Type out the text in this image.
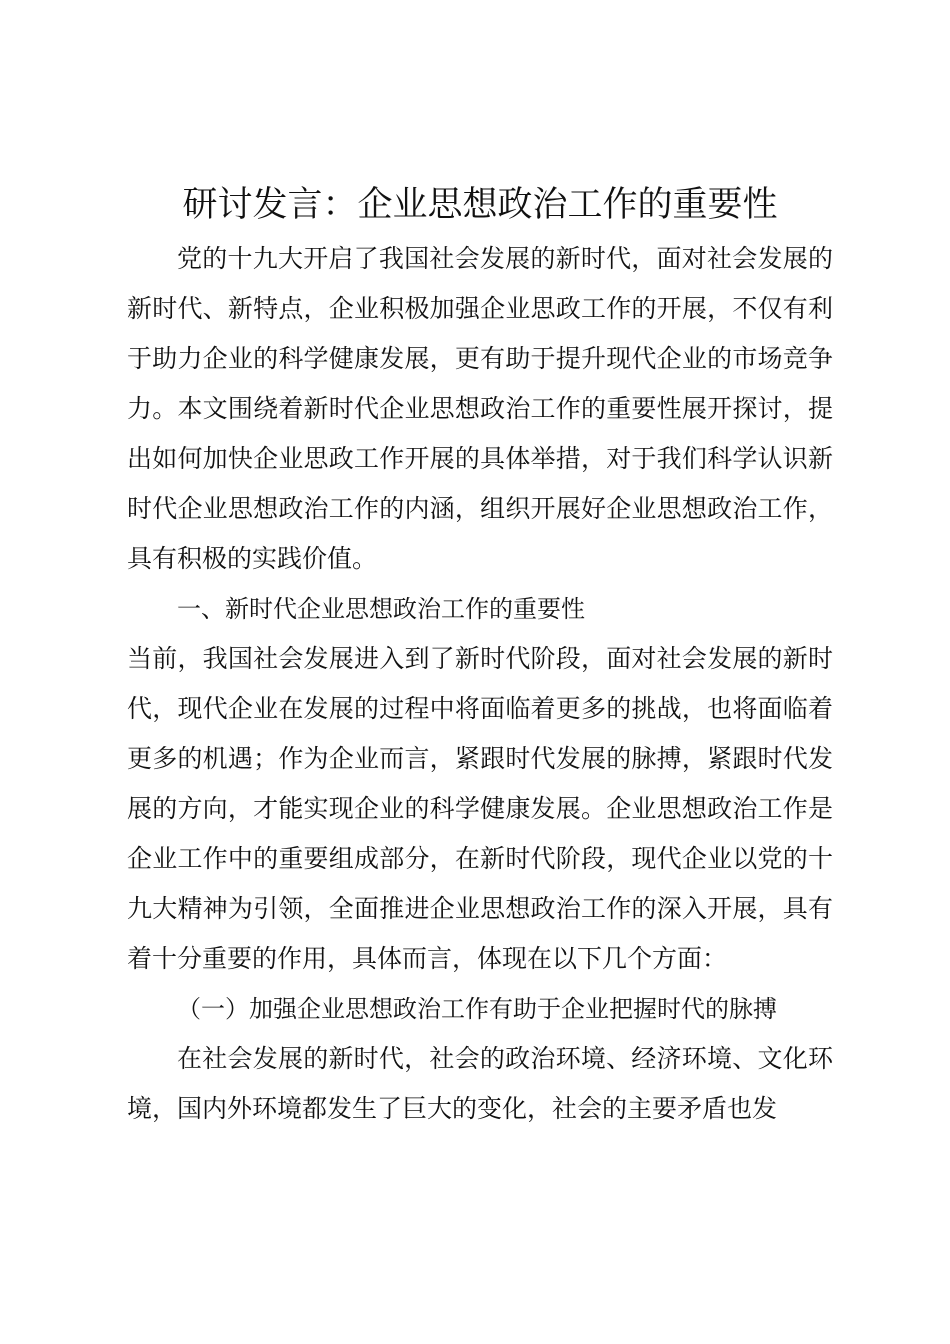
研讨发言：企业思想政治工作的重要性

党的十九大开启了我国社会发展的新时代，面对社会发展的新时代、新特点，企业积极加强企业思政工作的开展，不仅有利于助力企业的科学健康发展，更有助于提升现代企业的市场竞争力。本文围绕着新时代企业思想政治工作的重要性展开探讨，提出如何加快企业思政工作开展的具体举措，对于我们科学认识新时代企业思想政治工作的内涵，组织开展好企业思想政治工作，具有积极的实践价值。

一、新时代企业思想政治工作的重要性

当前，我国社会发展进入到了新时代阶段，面对社会发展的新时代，现代企业在发展的过程中将面临着更多的挑战，也将面临着更多的机遇；作为企业而言，紧跟时代发展的脉搏，紧跟时代发展的方向，才能实现企业的科学健康发展。企业思想政治工作是企业工作中的重要组成部分，在新时代阶段，现代企业以党的十九大精神为引领，全面推进企业思想政治工作的深入开展，具有着十分重要的作用，具体而言，体现在以下几个方面：

（一）加强企业思想政治工作有助于企业把握时代的脉搏

在社会发展的新时代，社会的政治环境、经济环境、文化环境，国内外环境都发生了巨大的变化，社会的主要矛盾也发
